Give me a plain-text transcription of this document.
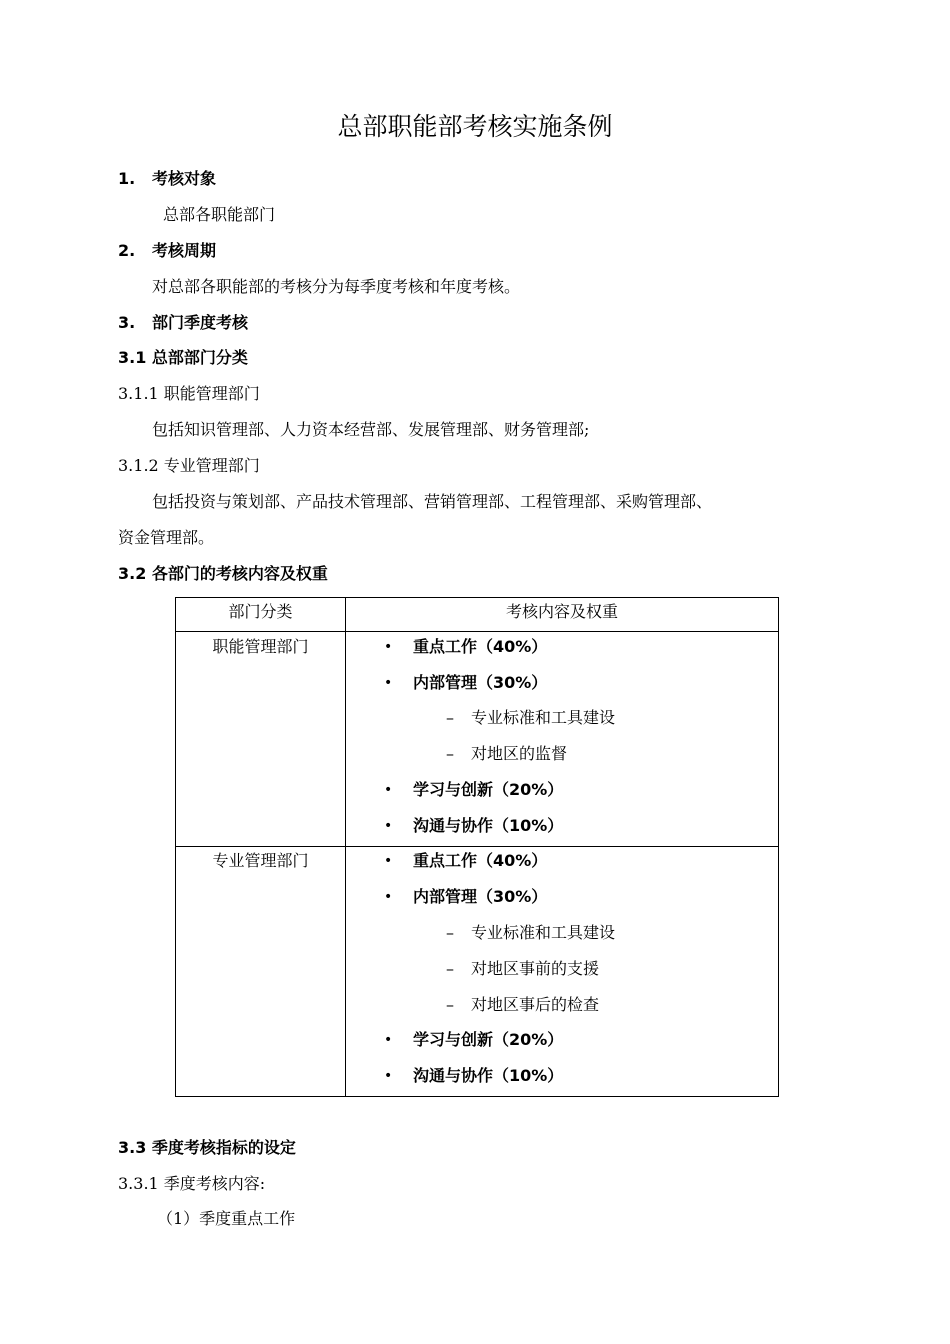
总部职能部考核实施条例
1. 考核对象
总部各职能部门
2. 考核周期
对总部各职能部的考核分为每季度考核和年度考核。
3. 部门季度考核
3.1 总部部门分类
3.1.1 职能管理部门
包括知识管理部、人力资本经营部、发展管理部、财务管理部;
3.1.2 专业管理部门
包括投资与策划部、产品技术管理部、营销管理部、工程管理部、采购管理部、
资金管理部。
3.2 各部门的考核内容及权重
部门分类	考核内容及权重
职能管理部门	• 重点工作（40%）
• 内部管理（30%）
– 专业标准和工具建设
– 对地区的监督
• 学习与创新（20%）
• 沟通与协作（10%）
专业管理部门	• 重点工作（40%）
• 内部管理（30%）
– 专业标准和工具建设
– 对地区事前的支援
– 对地区事后的检查
• 学习与创新（20%）
• 沟通与协作（10%）
3.3 季度考核指标的设定
3.3.1 季度考核内容:
（1）季度重点工作
